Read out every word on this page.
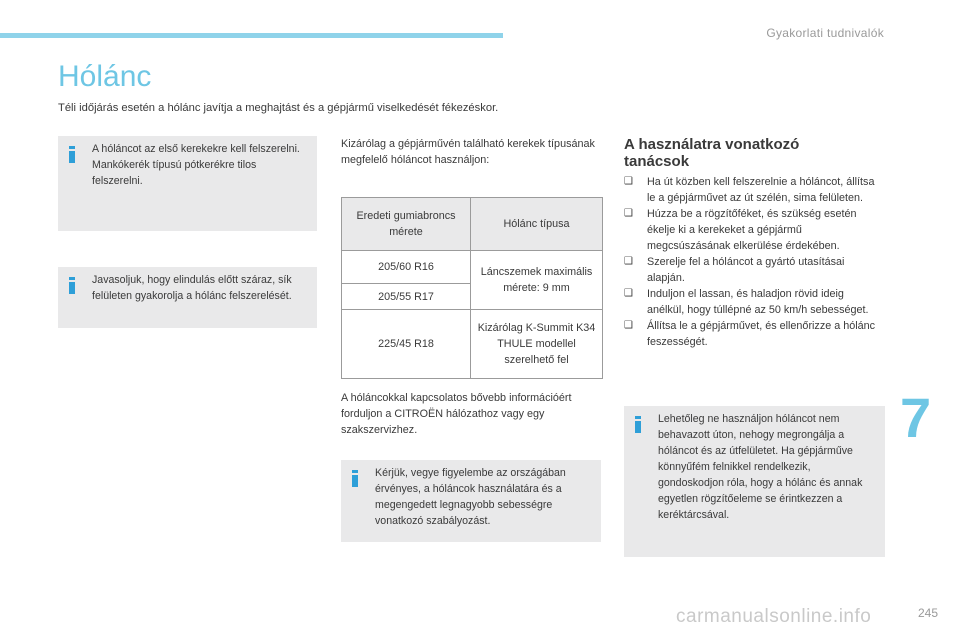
Gyakorlati tudnivalók
Hólánc
Téli időjárás esetén a hólánc javítja a meghajtást és a gépjármű viselkedését fékezéskor.
A hóláncot az első kerekekre kell felszerelni. Mankókerék típusú pótkerékre tilos felszerelni.
Javasoljuk, hogy elindulás előtt száraz, sík felületen gyakorolja a hólánc felszerelését.
Kizárólag a gépjárművén található kerekek típusának megfelelő hóláncot használjon:
Eredeti gumiabroncs mérete	Hólánc típusa
205/60 R16	Láncszemek maximális mérete: 9 mm
205/55 R17	
225/45 R18	Kizárólag K-Summit K34 THULE modellel szerelhető fel
A hóláncokkal kapcsolatos bővebb információért forduljon a CITROËN hálózathoz vagy egy szakszervizhez.
Kérjük, vegye figyelembe az országában érvényes, a hóláncok használatára és a megengedett legnagyobb sebességre vonatkozó szabályozást.
A használatra vonatkozó tanácsok
❑ Ha út közben kell felszerelnie a hóláncot, állítsa le a gépjárművet az út szélén, sima felületen.
❑ Húzza be a rögzítőféket, és szükség esetén ékelje ki a kerekeket a gépjármű megcsúszásának elkerülése érdekében.
❑ Szerelje fel a hóláncot a gyártó utasításai alapján.
❑ Induljon el lassan, és haladjon rövid ideig anélkül, hogy túllépné az 50 km/h sebességet.
❑ Állítsa le a gépjárművet, és ellenőrizze a hólánc feszességét.
Lehetőleg ne használjon hóláncot nem behavazott úton, nehogy megrongálja a hóláncot és az útfelületet. Ha gépjárműve könnyűfém felnikkel rendelkezik, gondoskodjon róla, hogy a hólánc és annak egyetlen rögzítőeleme se érintkezzen a keréktárcsával.
7
carmanualsonline.info	245
